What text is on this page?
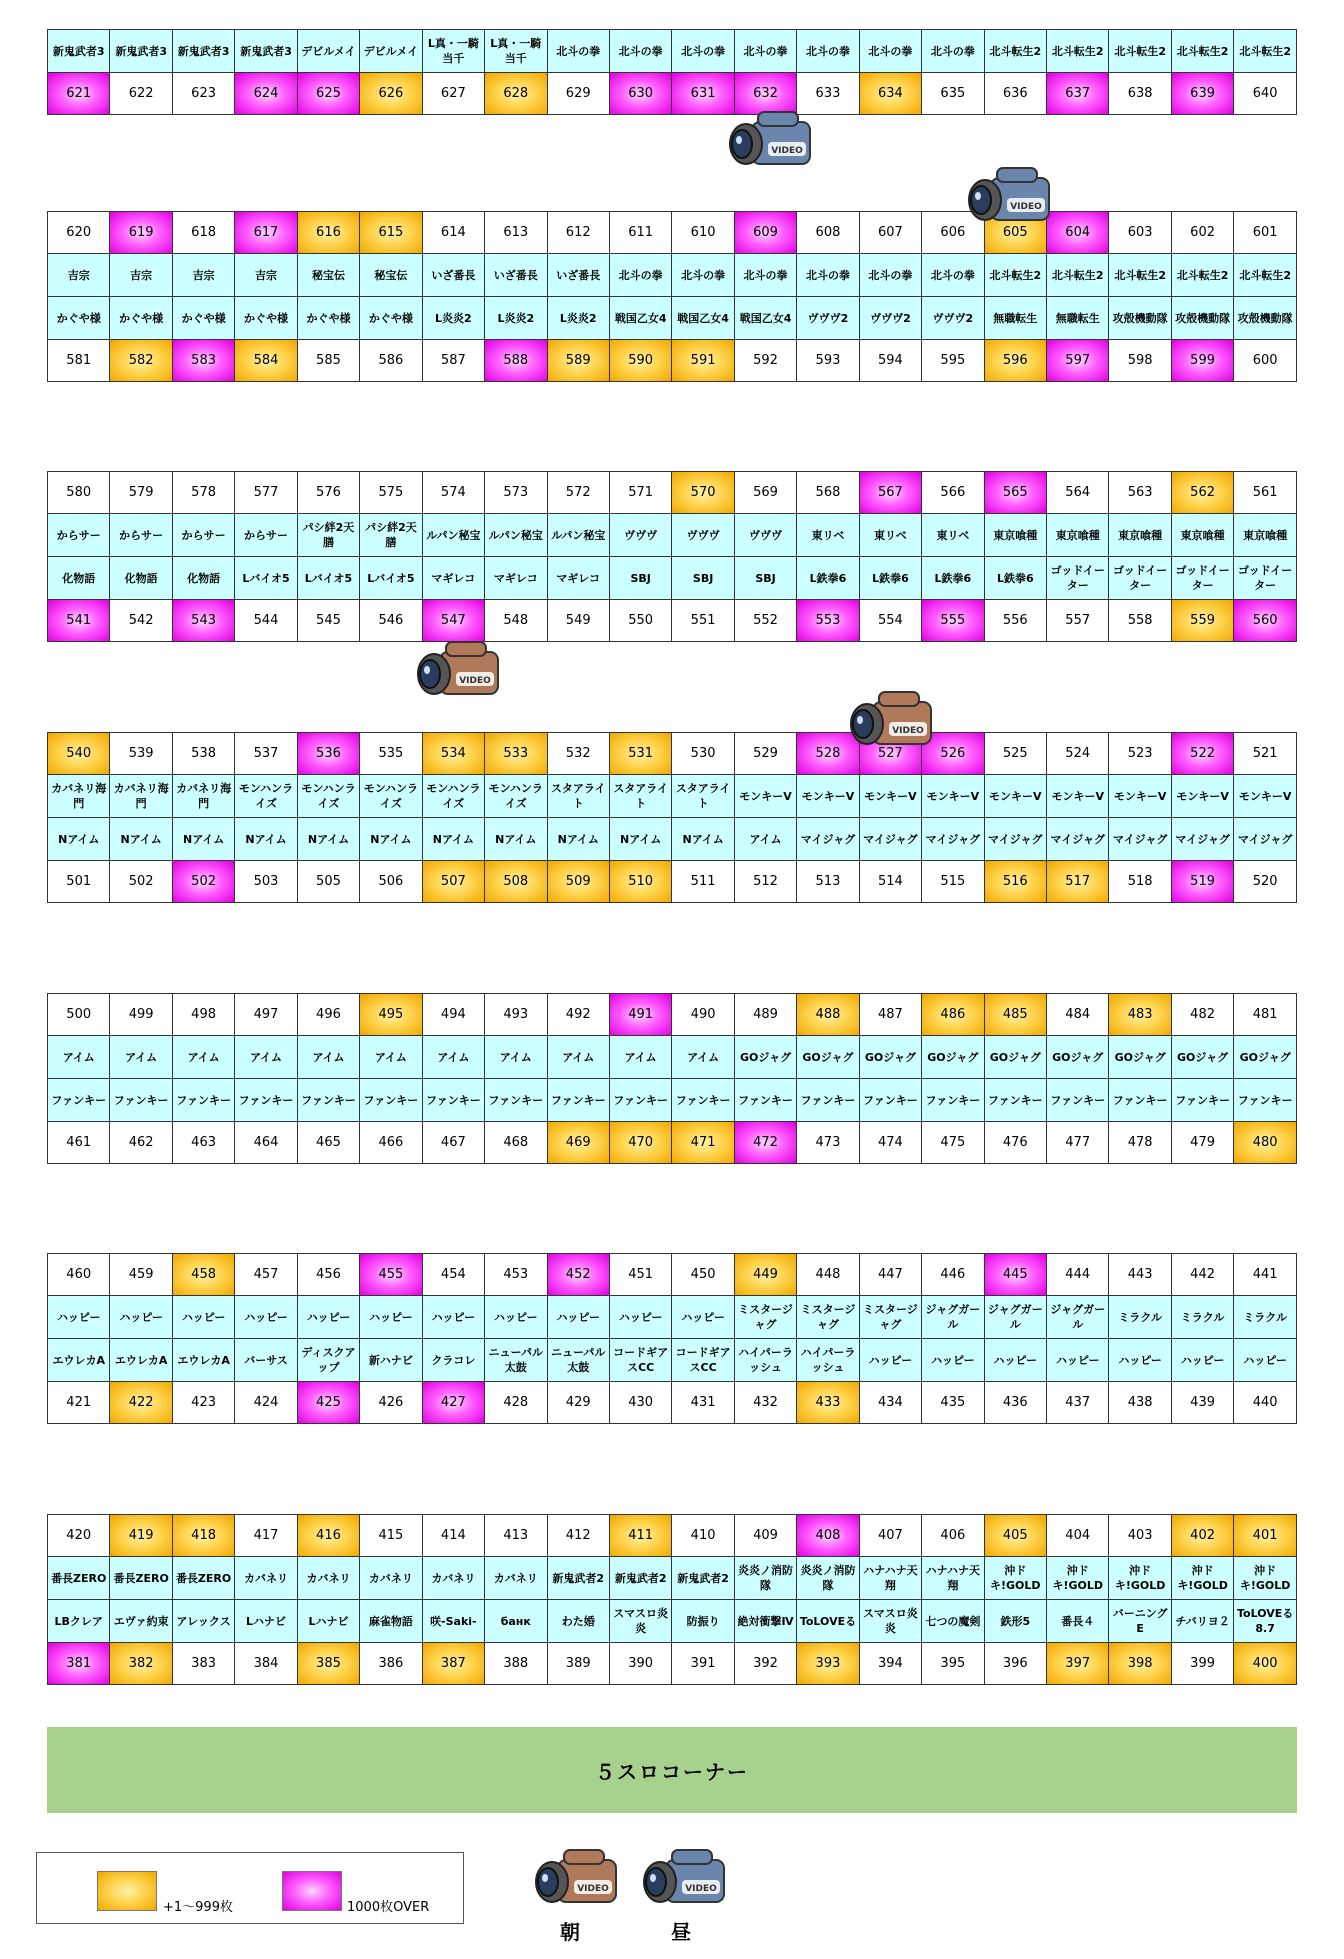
新鬼武者3	新鬼武者3	新鬼武者3	新鬼武者3	デビルメイ	デビルメイ	L真・一騎当千	L真・一騎当千	北斗の拳	北斗の拳	北斗の拳	北斗の拳	北斗の拳	北斗の拳	北斗の拳	北斗転生2	北斗転生2	北斗転生2	北斗転生2	北斗転生2
621	622	623	624	625	626	627	628	629	630	631	632	633	634	635	636	637	638	639	640
620	619	618	617	616	615	614	613	612	611	610	609	608	607	606	605	604	603	602	601
吉宗	吉宗	吉宗	吉宗	秘宝伝	秘宝伝	いざ番長	いざ番長	いざ番長	北斗の拳	北斗の拳	北斗の拳	北斗の拳	北斗の拳	北斗の拳	北斗転生2	北斗転生2	北斗転生2	北斗転生2	北斗転生2
かぐや様	かぐや様	かぐや様	かぐや様	かぐや様	かぐや様	L炎炎2	L炎炎2	L炎炎2	戦国乙女4	戦国乙女4	戦国乙女4	ヴヴヴ2	ヴヴヴ2	ヴヴヴ2	無職転生	無職転生	攻殻機動隊	攻殻機動隊	攻殻機動隊
581	582	583	584	585	586	587	588	589	590	591	592	593	594	595	596	597	598	599	600
580	579	578	577	576	575	574	573	572	571	570	569	568	567	566	565	564	563	562	561
からサー	からサー	からサー	からサー	パシ絆2天膳	パシ絆2天膳	ルパン秘宝	ルパン秘宝	ルパン秘宝	ヴヴヴ	ヴヴヴ	ヴヴヴ	東リベ	東リベ	東リベ	東京喰種	東京喰種	東京喰種	東京喰種	東京喰種
化物語	化物語	化物語	Lバイオ5	Lバイオ5	Lバイオ5	マギレコ	マギレコ	マギレコ	SBJ	SBJ	SBJ	L鉄拳6	L鉄拳6	L鉄拳6	L鉄拳6	ゴッドイーター	ゴッドイーター	ゴッドイーター	ゴッドイーター
541	542	543	544	545	546	547	548	549	550	551	552	553	554	555	556	557	558	559	560
540	539	538	537	536	535	534	533	532	531	530	529	528	527	526	525	524	523	522	521
カバネリ海門	カバネリ海門	カバネリ海門	モンハンライズ	モンハンライズ	モンハンライズ	モンハンライズ	モンハンライズ	スタアライト	スタアライト	スタアライト	モンキーV	モンキーV	モンキーV	モンキーV	モンキーV	モンキーV	モンキーV	モンキーV	モンキーV
Nアイム	Nアイム	Nアイム	Nアイム	Nアイム	Nアイム	Nアイム	Nアイム	Nアイム	Nアイム	Nアイム	アイム	マイジャグ	マイジャグ	マイジャグ	マイジャグ	マイジャグ	マイジャグ	マイジャグ	マイジャグ
501	502	502	503	505	506	507	508	509	510	511	512	513	514	515	516	517	518	519	520
500	499	498	497	496	495	494	493	492	491	490	489	488	487	486	485	484	483	482	481
アイム	アイム	アイム	アイム	アイム	アイム	アイム	アイム	アイム	アイム	アイム	GOジャグ	GOジャグ	GOジャグ	GOジャグ	GOジャグ	GOジャグ	GOジャグ	GOジャグ	GOジャグ
ファンキー	ファンキー	ファンキー	ファンキー	ファンキー	ファンキー	ファンキー	ファンキー	ファンキー	ファンキー	ファンキー	ファンキー	ファンキー	ファンキー	ファンキー	ファンキー	ファンキー	ファンキー	ファンキー	ファンキー
461	462	463	464	465	466	467	468	469	470	471	472	473	474	475	476	477	478	479	480
460	459	458	457	456	455	454	453	452	451	450	449	448	447	446	445	444	443	442	441
ハッピー	ハッピー	ハッピー	ハッピー	ハッピー	ハッピー	ハッピー	ハッピー	ハッピー	ハッピー	ハッピー	ミスタージャグ	ミスタージャグ	ミスタージャグ	ジャグガール	ジャグガール	ジャグガール	ミラクル	ミラクル	ミラクル
エウレカA	エウレカA	エウレカA	バーサス	ディスクアップ	新ハナビ	クラコレ	ニューパル太鼓	ニューパル太鼓	コードギアスCC	コードギアスCC	ハイパーラッシュ	ハイパーラッシュ	ハッピー	ハッピー	ハッピー	ハッピー	ハッピー	ハッピー	ハッピー
421	422	423	424	425	426	427	428	429	430	431	432	433	434	435	436	437	438	439	440
420	419	418	417	416	415	414	413	412	411	410	409	408	407	406	405	404	403	402	401
番長ZERO	番長ZERO	番長ZERO	カバネリ	カバネリ	カバネリ	カバネリ	カバネリ	新鬼武者2	新鬼武者2	新鬼武者2	炎炎ノ消防隊	炎炎ノ消防隊	ハナハナ天翔	ハナハナ天翔	沖ドキ!GOLD	沖ドキ!GOLD	沖ドキ!GOLD	沖ドキ!GOLD	沖ドキ!GOLD
LBクレア	エヴァ約束	アレックス	Lハナビ	Lハナビ	麻雀物語	咲-Saki-	банк	わた婚	スマスロ炎炎	防振り	絶対衝撃Ⅳ	ToLOVEる	スマスロ炎炎	七つの魔剣	鉄形5	番長４	バーニングE	チバリヨ２	ToLOVEる8.7
381	382	383	384	385	386	387	388	389	390	391	392	393	394	395	396	397	398	399	400
VIDEO
VIDEO
VIDEO
VIDEO
５スロコーナー
+1～999枚	1000枚OVER
VIDEO	VIDEO
朝	昼
